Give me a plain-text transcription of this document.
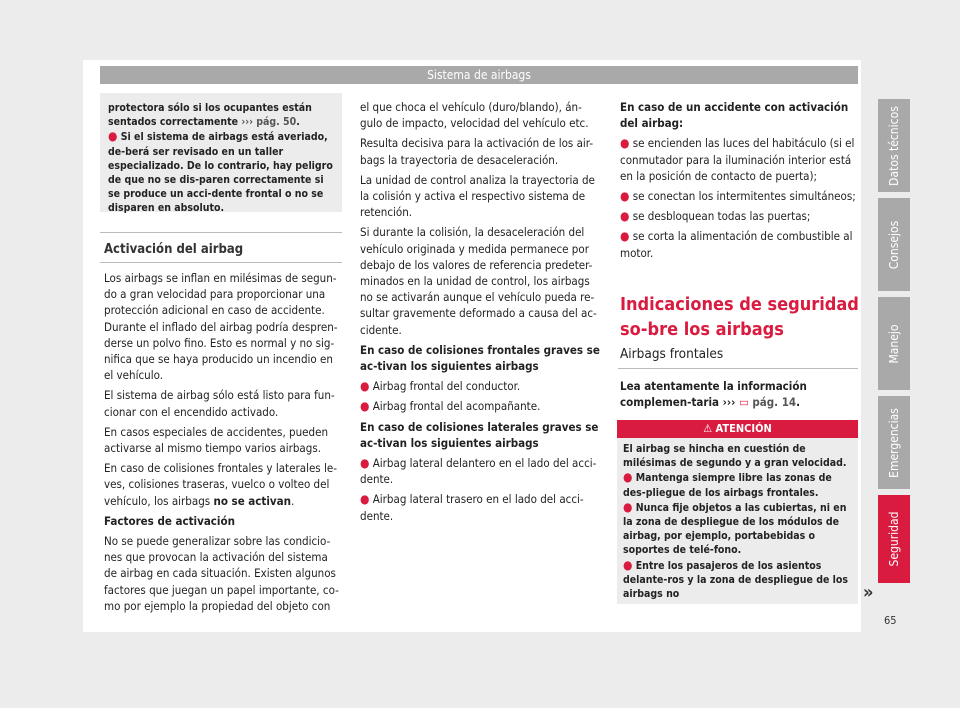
Sistema de airbags
protectora sólo si los ocupantes están sentados correctamente ››› pág. 50.
● Si el sistema de airbags está averiado, de-berá ser revisado en un taller especializado. De lo contrario, hay peligro de que no se dis-paren correctamente si se produce un acci-dente frontal o no se disparen en absoluto.
Activación del airbag

Los airbags se inflan en milésimas de segun-do a gran velocidad para proporcionar una protección adicional en caso de accidente. Durante el inflado del airbag podría despren-derse un polvo fino. Esto es normal y no sig-nifica que se haya producido un incendio en el vehículo.

El sistema de airbag sólo está listo para fun-cionar con el encendido activado.

En casos especiales de accidentes, pueden activarse al mismo tiempo varios airbags.

En caso de colisiones frontales y laterales le-ves, colisiones traseras, vuelco o volteo del vehículo, los airbags no se activan.

Factores de activación

No se puede generalizar sobre las condicio-nes que provocan la activación del sistema de airbag en cada situación. Existen algunos factores que juegan un papel importante, co-mo por ejemplo la propiedad del objeto con

el que choca el vehículo (duro/blando), án-gulo de impacto, velocidad del vehículo etc.

Resulta decisiva para la activación de los air-bags la trayectoria de desaceleración.

La unidad de control analiza la trayectoria de la colisión y activa el respectivo sistema de retención.

Si durante la colisión, la desaceleración del vehículo originada y medida permanece por debajo de los valores de referencia predeter-minados en la unidad de control, los airbags no se activarán aunque el vehículo pueda re-sultar gravemente deformado a causa del ac-cidente.

En caso de colisiones frontales graves se ac-tivan los siguientes airbags

● Airbag frontal del conductor.

● Airbag frontal del acompañante.

En caso de colisiones laterales graves se ac-tivan los siguientes airbags

● Airbag lateral delantero en el lado del acci-dente.

● Airbag lateral trasero en el lado del acci-dente.

En caso de un accidente con activación del airbag:

● se encienden las luces del habitáculo (si el conmutador para la iluminación interior está en la posición de contacto de puerta);

● se conectan los intermitentes simultáneos;

● se desbloquean todas las puertas;

● se corta la alimentación de combustible al motor.

Indicaciones de seguridad so-bre los airbags
Airbags frontales
Lea atentamente la información complemen-taria ››› ▭ pág. 14.
⚠ ATENCIÓN
El airbag se hincha en cuestión de milésimas de segundo y a gran velocidad.
● Mantenga siempre libre las zonas de des-pliegue de los airbags frontales.
● Nunca fije objetos a las cubiertas, ni en la zona de despliegue de los módulos de airbag, por ejemplo, portabebidas o soportes de telé-fono.
● Entre los pasajeros de los asientos delante-ros y la zona de despliegue de los airbags no	»
Datos técnicos
Consejos
Manejo
Emergencias
Seguridad
65
